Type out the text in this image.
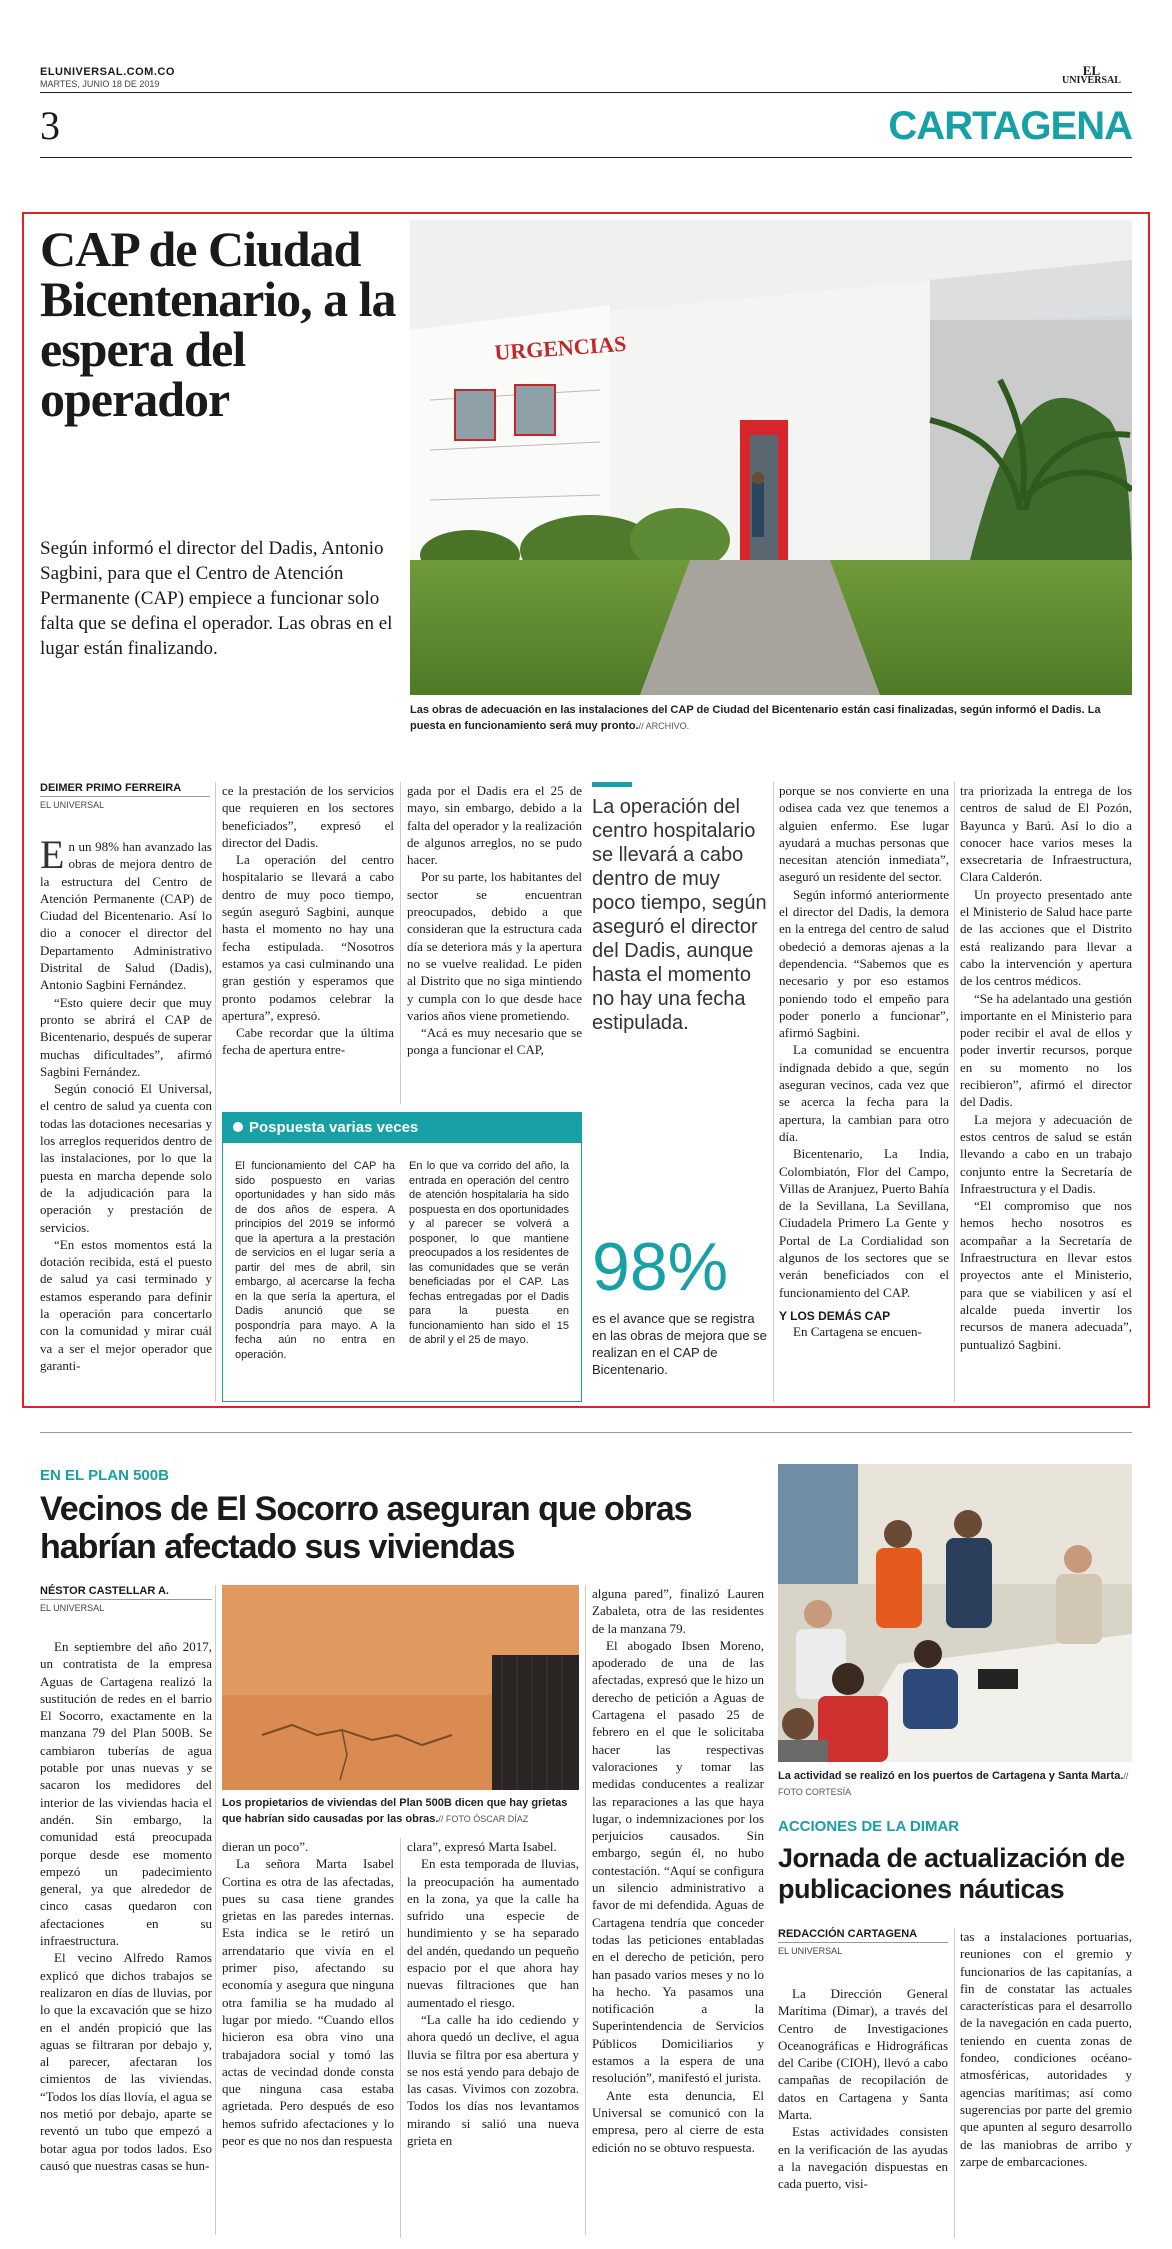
ELUNIVERSAL.COM.CO
MARTES, JUNIO 18 DE 2019
EL
UNIVERSAL
3	CARTAGENA
CAP de Ciudad Bicentenario, a la espera del operador

Según informó el director del Dadis, Antonio Sagbini, para que el Centro de Atención Permanente (CAP) empiece a funcionar solo falta que se defina el operador. Las obras en el lugar están finalizando.

URGENCIAS
Las obras de adecuación en las instalaciones del CAP de Ciudad del Bicentenario están casi finalizadas, según informó el Dadis. La puesta en funcionamiento será muy pronto.// ARCHIVO.
DEIMER PRIMO FERREIRA
EL UNIVERSAL

En un 98% han avanzado las obras de mejora dentro de la estructura del Centro de Atención Permanente (CAP) de Ciudad del Bicentenario. Así lo dio a conocer el director del Departamento Administrativo Distrital de Salud (Dadis), Antonio Sagbini Fernández.

“Esto quiere decir que muy pronto se abrirá el CAP de Bicentenario, después de superar muchas dificultades”, afirmó Sagbini Fernández.

Según conoció El Universal, el centro de salud ya cuenta con todas las dotaciones necesarias y los arreglos requeridos dentro de las instalaciones, por lo que la puesta en marcha depende solo de la adjudicación para la operación y prestación de servicios.

“En estos momentos está la dotación recibida, está el puesto de salud ya casi terminado y estamos esperando para definir la operación para concertarlo con la comunidad y mirar cuál va a ser el mejor operador que garanti-

ce la prestación de los servicios que requieren en los sectores beneficiados”, expresó el director del Dadis.

La operación del centro hospitalario se llevará a cabo dentro de muy poco tiempo, según aseguró Sagbini, aunque hasta el momento no hay una fecha estipulada. “Nosotros estamos ya casi culminando una gran gestión y esperamos que pronto podamos celebrar la apertura”, expresó.

Cabe recordar que la última fecha de apertura entre-

gada por el Dadis era el 25 de mayo, sin embargo, debido a la falta del operador y la realización de algunos arreglos, no se pudo hacer.

Por su parte, los habitantes del sector se encuentran preocupados, debido a que consideran que la estructura cada día se deteriora más y la apertura no se vuelve realidad. Le piden al Distrito que no siga mintiendo y cumpla con lo que desde hace varios años viene prometiendo.

“Acá es muy necesario que se ponga a funcionar el CAP,

Pospuesta varias veces
El funcionamiento del CAP ha sido pospuesto en varias oportunidades y han sido más de dos años de espera. A principios del 2019 se informó que la apertura a la prestación de servicios en el lugar sería a partir del mes de abril, sin embargo, al acercarse la fecha en la que sería la apertura, el Dadis anunció que se pospondría para mayo. A la fecha aún no entra en operación.
En lo que va corrido del año, la entrada en operación del centro de atención hospitalaria ha sido pospuesta en dos oportunidades y al parecer se volverá a posponer, lo que mantiene preocupados a los residentes de las comunidades que se verán beneficiadas por el CAP. Las fechas entregadas por el Dadis para la puesta en funcionamiento han sido el 15 de abril y el 25 de mayo.
La operación del centro hospitalario se llevará a cabo dentro de muy poco tiempo, según aseguró el director del Dadis, aunque hasta el momento no hay una fecha estipulada.
98%
es el avance que se registra en las obras de mejora que se realizan en el CAP de Bicentenario.

porque se nos convierte en una odisea cada vez que tenemos a alguien enfermo. Ese lugar ayudará a muchas personas que necesitan atención inmediata”, aseguró un residente del sector.

Según informó anteriormente el director del Dadis, la demora en la entrega del centro de salud obedeció a demoras ajenas a la dependencia. “Sabemos que es necesario y por eso estamos poniendo todo el empeño para poder ponerlo a funcionar”, afirmó Sagbini.

La comunidad se encuentra indignada debido a que, según aseguran vecinos, cada vez que se acerca la fecha para la apertura, la cambian para otro día.

Bicentenario, La India, Colombiatón, Flor del Campo, Villas de Aranjuez, Puerto Bahía de la Sevillana, La Sevillana, Ciudadela Primero La Gente y Portal de La Cordialidad son algunos de los sectores que se verán beneficiados con el funcionamiento del CAP.

Y LOS DEMÁS CAP

En Cartagena se encuen-

tra priorizada la entrega de los centros de salud de El Pozón, Bayunca y Barú. Así lo dio a conocer hace varios meses la exsecretaria de Infraestructura, Clara Calderón.

Un proyecto presentado ante el Ministerio de Salud hace parte de las acciones que el Distrito está realizando para llevar a cabo la intervención y apertura de los centros médicos.

“Se ha adelantado una gestión importante en el Ministerio para poder recibir el aval de ellos y poder invertir recursos, porque en su momento no los recibieron”, afirmó el director del Dadis.

La mejora y adecuación de estos centros de salud se están llevando a cabo en un trabajo conjunto entre la Secretaría de Infraestructura y el Dadis.

“El compromiso que nos hemos hecho nosotros es acompañar a la Secretaría de Infraestructura en llevar estos proyectos ante el Ministerio, para que se viabilicen y así el alcalde pueda invertir los recursos de manera adecuada”, puntualizó Sagbini.

EN EL PLAN 500B
Vecinos de El Socorro aseguran que obras habrían afectado sus viviendas
NÉSTOR CASTELLAR A.
EL UNIVERSAL

En septiembre del año 2017, un contratista de la empresa Aguas de Cartagena realizó la sustitución de redes en el barrio El Socorro, exactamente en la manzana 79 del Plan 500B. Se cambiaron tuberías de agua potable por unas nuevas y se sacaron los medidores del interior de las viviendas hacia el andén. Sin embargo, la comunidad está preocupada porque desde ese momento empezó un padecimiento general, ya que alrededor de cinco casas quedaron con afectaciones en su infraestructura.

El vecino Alfredo Ramos explicó que dichos trabajos se realizaron en días de lluvias, por lo que la excavación que se hizo en el andén propició que las aguas se filtraran por debajo y, al parecer, afectaran los cimientos de las viviendas. “Todos los días llovía, el agua se nos metió por debajo, aparte se reventó un tubo que empezó a botar agua por todos lados. Eso causó que nuestras casas se hun-

Los propietarios de viviendas del Plan 500B dicen que hay grietas que habrían sido causadas por las obras.// FOTO ÓSCAR DÍAZ

dieran un poco”.

La señora Marta Isabel Cortina es otra de las afectadas, pues su casa tiene grandes grietas en las paredes internas. Esta indica se le retiró un arrendatario que vivía en el primer piso, afectando su economía y asegura que ninguna otra familia se ha mudado al lugar por miedo. “Cuando ellos hicieron esa obra vino una trabajadora social y tomó las actas de vecindad donde consta que ninguna casa estaba agrietada. Pero después de eso hemos sufrido afectaciones y lo peor es que no nos dan respuesta

clara”, expresó Marta Isabel.

En esta temporada de lluvias, la preocupación ha aumentado en la zona, ya que la calle ha sufrido una especie de hundimiento y se ha separado del andén, quedando un pequeño espacio por el que ahora hay nuevas filtraciones que han aumentado el riesgo.

“La calle ha ido cediendo y ahora quedó un declive, el agua lluvia se filtra por esa abertura y se nos está yendo para debajo de las casas. Vivimos con zozobra. Todos los días nos levantamos mirando si salió una nueva grieta en

alguna pared”, finalizó Lauren Zabaleta, otra de las residentes de la manzana 79.

El abogado Ibsen Moreno, apoderado de una de las afectadas, expresó que le hizo un derecho de petición a Aguas de Cartagena el pasado 25 de febrero en el que le solicitaba hacer las respectivas valoraciones y tomar las medidas conducentes a realizar las reparaciones a las que haya lugar, o indemnizaciones por los perjuicios causados. Sin embargo, según él, no hubo contestación. “Aquí se configura un silencio administrativo a favor de mi defendida. Aguas de Cartagena tendría que conceder todas las peticiones entabladas en el derecho de petición, pero han pasado varios meses y no lo ha hecho. Ya pasamos una notificación a la Superintendencia de Servicios Públicos Domiciliarios y estamos a la espera de una resolución”, manifestó el jurista.

Ante esta denuncia, El Universal se comunicó con la empresa, pero al cierre de esta edición no se obtuvo respuesta.

La actividad se realizó en los puertos de Cartagena y Santa Marta.// FOTO CORTESÍA
ACCIONES DE LA DIMAR
Jornada de actualización de publicaciones náuticas
REDACCIÓN CARTAGENA
EL UNIVERSAL

La Dirección General Marítima (Dimar), a través del Centro de Investigaciones Oceanográficas e Hidrográficas del Caribe (CIOH), llevó a cabo campañas de recopilación de datos en Cartagena y Santa Marta.

Estas actividades consisten en la verificación de las ayudas a la navegación dispuestas en cada puerto, visi-

tas a instalaciones portuarias, reuniones con el gremio y funcionarios de las capitanías, a fin de constatar las actuales características para el desarrollo de la navegación en cada puerto, teniendo en cuenta zonas de fondeo, condiciones océano-atmosféricas, autoridades y agencias marítimas; así como sugerencias por parte del gremio que apunten al seguro desarrollo de las maniobras de arribo y zarpe de embarcaciones.
